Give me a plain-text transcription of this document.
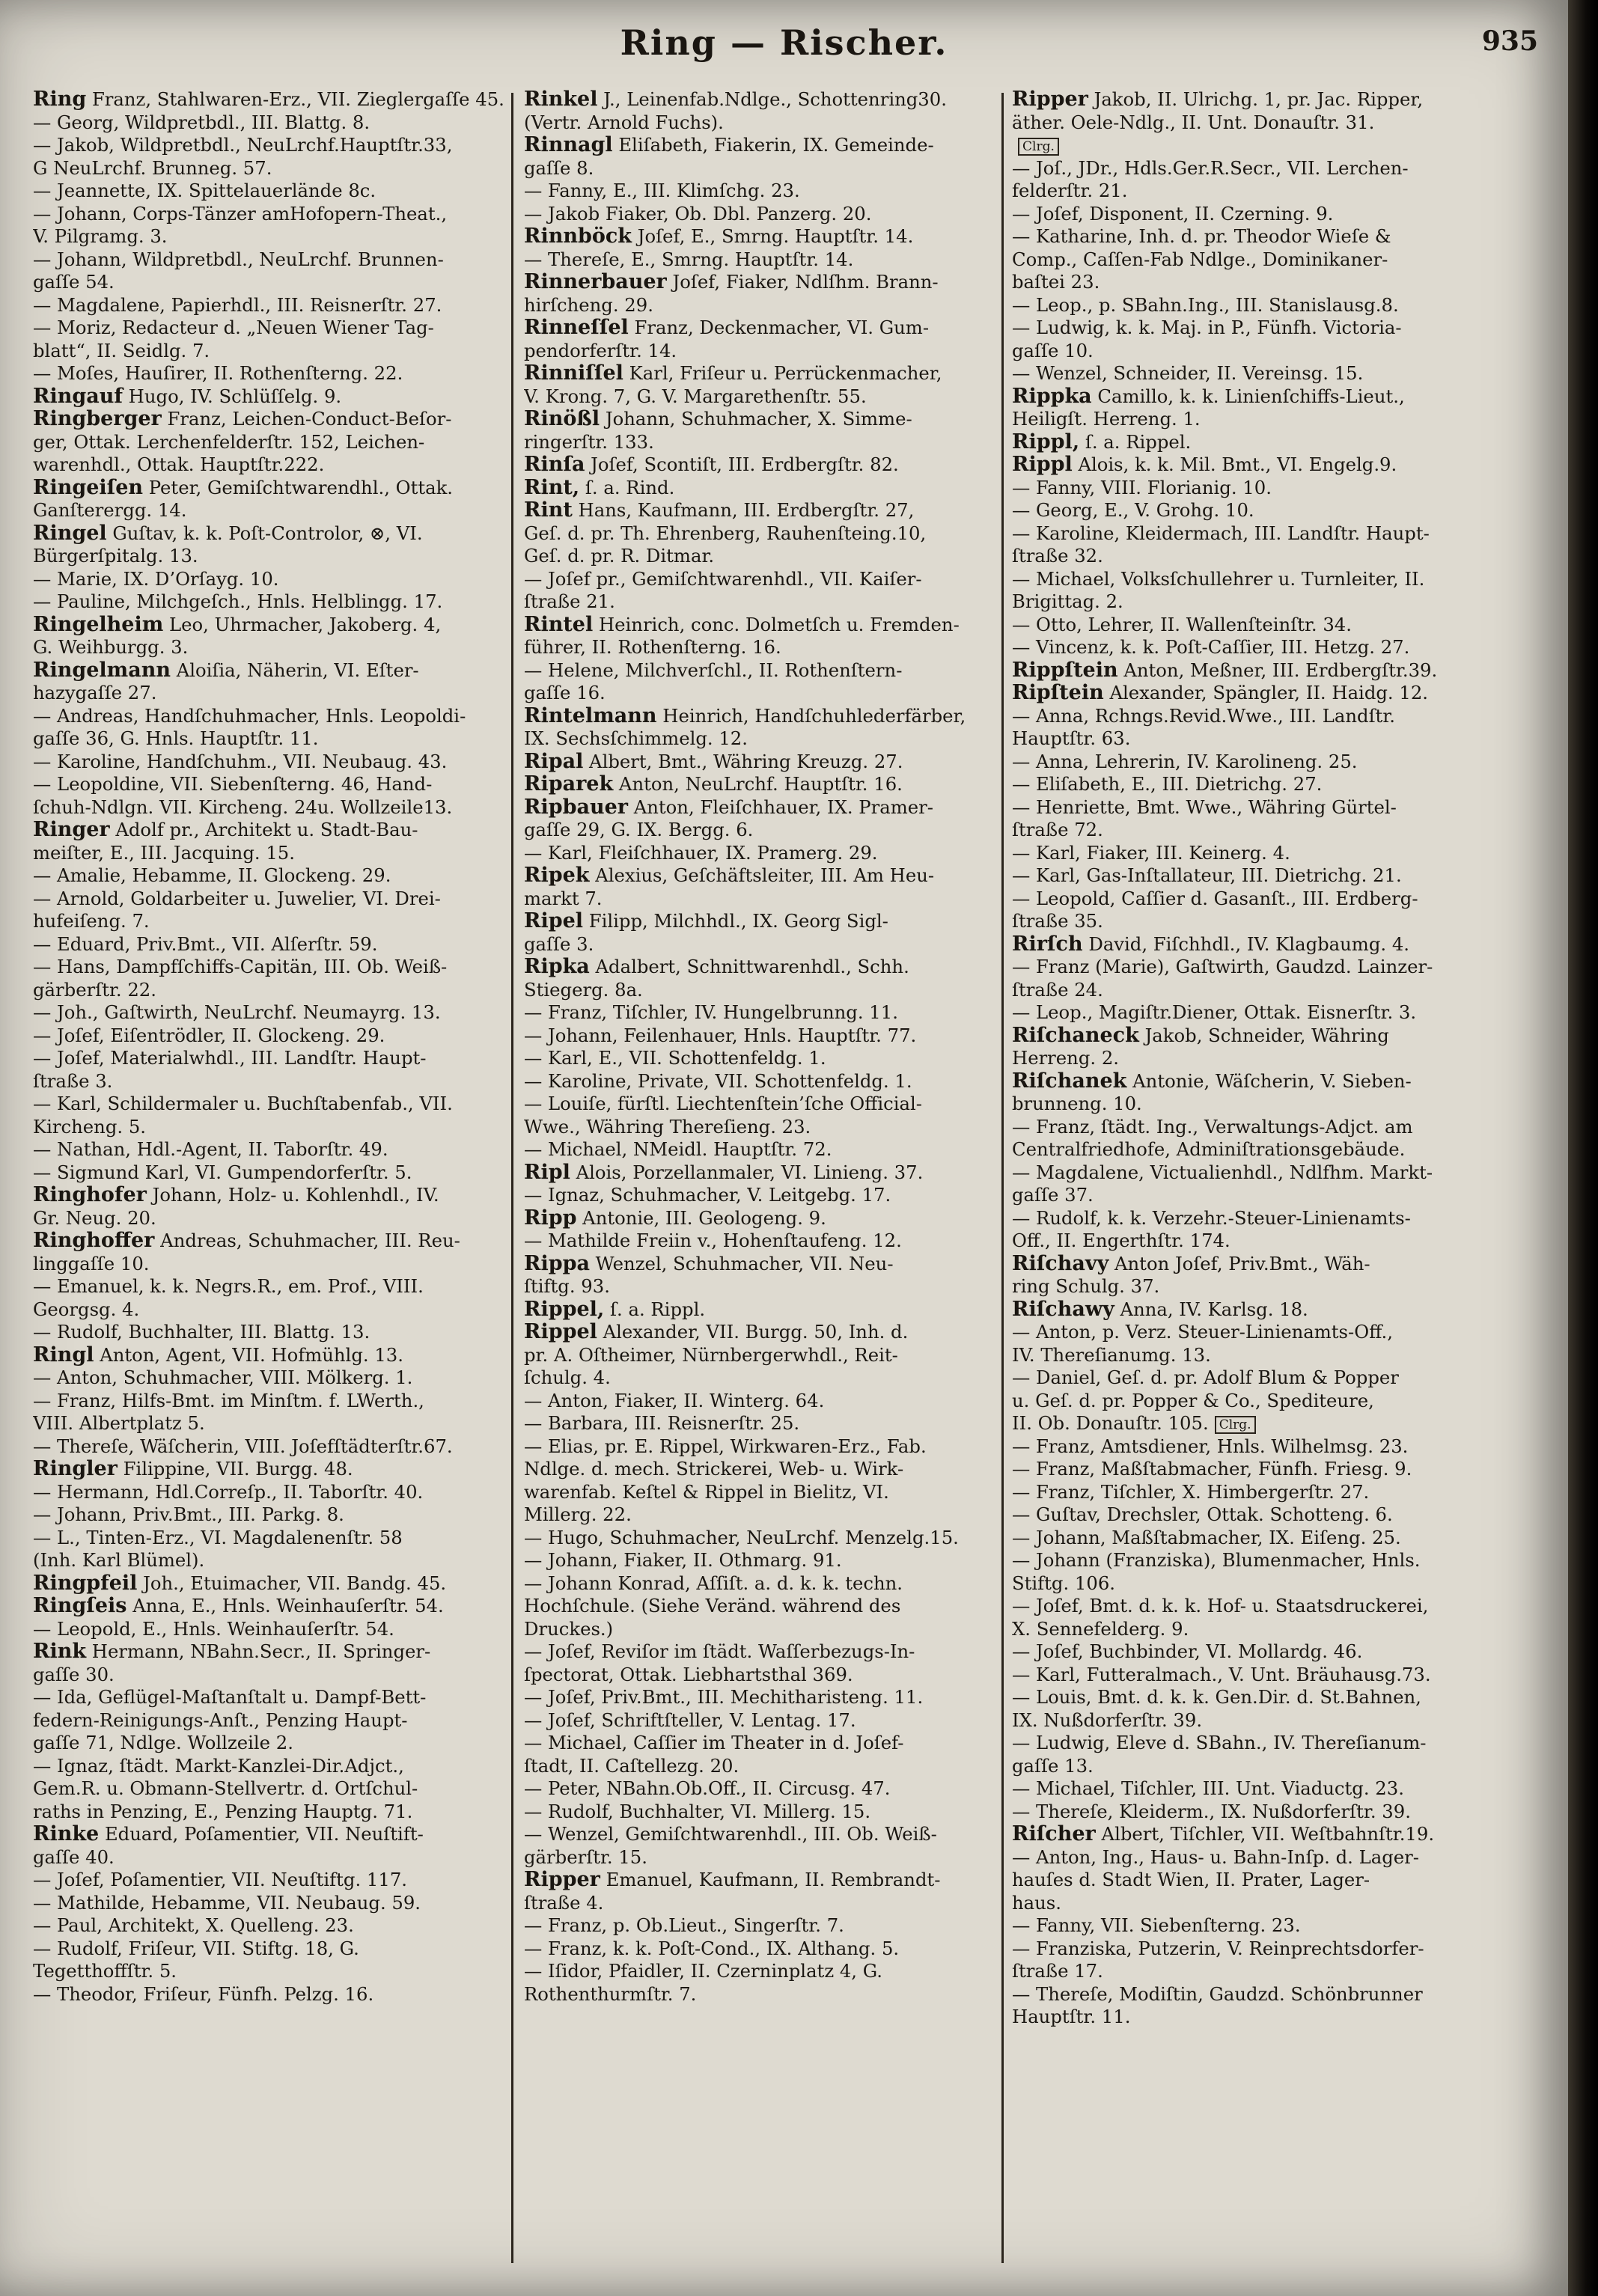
Ring — Rischer.	935
Ring Franz, Stahlwaren-Erz., VII. Zieglergaſſe 45.
— Georg, Wildpretbdl., III. Blattg. 8.
— Jakob, Wildpretbdl., NeuLrchf.Hauptſtr.33,
G NeuLrchf. Brunneg. 57.
— Jeannette, IX. Spittelauerlände 8c.
— Johann, Corps-Tänzer amHofopern-Theat.,
V. Pilgramg. 3.
— Johann, Wildpretbdl., NeuLrchf. Brunnen-
gaſſe 54.
— Magdalene, Papierhdl., III. Reisnerſtr. 27.
— Moriz, Redacteur d. „Neuen Wiener Tag-
blatt“, II. Seidlg. 7.
— Moſes, Hauſirer, II. Rothenſterng. 22.
Ringauf Hugo, IV. Schlüſſelg. 9.
Ringberger Franz, Leichen-Conduct-Beſor-
ger, Ottak. Lerchenfelderſtr. 152, Leichen-
warenhdl., Ottak. Hauptſtr.222.
Ringeiſen Peter, Gemiſchtwarendhl., Ottak.
Ganſterergg. 14.
Ringel Guſtav, k. k. Poſt-Controlor, ⊗, VI.
Bürgerſpitalg. 13.
— Marie, IX. D’Orſayg. 10.
— Pauline, Milchgeſch., Hnls. Helblingg. 17.
Ringelheim Leo, Uhrmacher, Jakoberg. 4,
G. Weihburgg. 3.
Ringelmann Aloiſia, Näherin, VI. Eſter-
hazygaſſe 27.
— Andreas, Handſchuhmacher, Hnls. Leopoldi-
gaſſe 36, G. Hnls. Hauptſtr. 11.
— Karoline, Handſchuhm., VII. Neubaug. 43.
— Leopoldine, VII. Siebenſterng. 46, Hand-
ſchuh-Ndlgn. VII. Kircheng. 24u. Wollzeile13.
Ringer Adolf pr., Architekt u. Stadt-Bau-
meiſter, E., III. Jacquing. 15.
— Amalie, Hebamme, II. Glockeng. 29.
— Arnold, Goldarbeiter u. Juwelier, VI. Drei-
hufeiſeng. 7.
— Eduard, Priv.Bmt., VII. Alſerſtr. 59.
— Hans, Dampfſchiffs-Capitän, III. Ob. Weiß-
gärberſtr. 22.
— Joh., Gaſtwirth, NeuLrchf. Neumayrg. 13.
— Joſef, Eiſentrödler, II. Glockeng. 29.
— Joſef, Materialwhdl., III. Landſtr. Haupt-
ſtraße 3.
— Karl, Schildermaler u. Buchſtabenfab., VII.
Kircheng. 5.
— Nathan, Hdl.-Agent, II. Taborſtr. 49.
— Sigmund Karl, VI. Gumpendorferſtr. 5.
Ringhofer Johann, Holz- u. Kohlenhdl., IV.
Gr. Neug. 20.
Ringhoffer Andreas, Schuhmacher, III. Reu-
linggaſſe 10.
— Emanuel, k. k. Negrs.R., em. Prof., VIII.
Georgsg. 4.
— Rudolf, Buchhalter, III. Blattg. 13.
Ringl Anton, Agent, VII. Hofmühlg. 13.
— Anton, Schuhmacher, VIII. Mölkerg. 1.
— Franz, Hilfs-Bmt. im Minſtm. f. LWerth.,
VIII. Albertplatz 5.
— Thereſe, Wäſcherin, VIII. Joſefſtädterſtr.67.
Ringler Filippine, VII. Burgg. 48.
— Hermann, Hdl.Correſp., II. Taborſtr. 40.
— Johann, Priv.Bmt., III. Parkg. 8.
— L., Tinten-Erz., VI. Magdalenenſtr. 58
(Inh. Karl Blümel).
Ringpfeil Joh., Etuimacher, VII. Bandg. 45.
Ringſeis Anna, E., Hnls. Weinhauſerſtr. 54.
— Leopold, E., Hnls. Weinhauſerſtr. 54.
Rink Hermann, NBahn.Secr., II. Springer-
gaſſe 30.
— Ida, Geflügel-Maſtanſtalt u. Dampf-Bett-
federn-Reinigungs-Anſt., Penzing Haupt-
gaſſe 71, Ndlge. Wollzeile 2.
— Ignaz, ſtädt. Markt-Kanzlei-Dir.Adjct.,
Gem.R. u. Obmann-Stellvertr. d. Ortſchul-
raths in Penzing, E., Penzing Hauptg. 71.
Rinke Eduard, Poſamentier, VII. Neuſtift-
gaſſe 40.
— Joſef, Poſamentier, VII. Neuſtiftg. 117.
— Mathilde, Hebamme, VII. Neubaug. 59.
— Paul, Architekt, X. Quelleng. 23.
— Rudolf, Friſeur, VII. Stiftg. 18, G.
Tegetthoffſtr. 5.
— Theodor, Friſeur, Fünfh. Pelzg. 16.
Rinkel J., Leinenfab.Ndlge., Schottenring30.
(Vertr. Arnold Fuchs).
Rinnagl Eliſabeth, Fiakerin, IX. Gemeinde-
gaſſe 8.
— Fanny, E., III. Klimſchg. 23.
— Jakob Fiaker, Ob. Dbl. Panzerg. 20.
Rinnböck Joſef, E., Smrng. Hauptſtr. 14.
— Thereſe, E., Smrng. Hauptſtr. 14.
Rinnerbauer Joſef, Fiaker, Ndlſhm. Brann-
hirſcheng. 29.
Rinneſſel Franz, Deckenmacher, VI. Gum-
pendorferſtr. 14.
Rinniſſel Karl, Friſeur u. Perrückenmacher,
V. Krong. 7, G. V. Margarethenſtr. 55.
Rinößl Johann, Schuhmacher, X. Simme-
ringerſtr. 133.
Rinſa Joſef, Scontiſt, III. Erdbergſtr. 82.
Rint, ſ. a. Rind.
Rint Hans, Kaufmann, III. Erdbergſtr. 27,
Geſ. d. pr. Th. Ehrenberg, Rauhenſteing.10,
Geſ. d. pr. R. Ditmar.
— Joſef pr., Gemiſchtwarenhdl., VII. Kaiſer-
ſtraße 21.
Rintel Heinrich, conc. Dolmetſch u. Fremden-
führer, II. Rothenſterng. 16.
— Helene, Milchverſchl., II. Rothenſtern-
gaſſe 16.
Rintelmann Heinrich, Handſchuhlederfärber,
IX. Sechsſchimmelg. 12.
Ripal Albert, Bmt., Währing Kreuzg. 27.
Riparek Anton, NeuLrchf. Hauptſtr. 16.
Ripbauer Anton, Fleiſchhauer, IX. Pramer-
gaſſe 29, G. IX. Bergg. 6.
— Karl, Fleiſchhauer, IX. Pramerg. 29.
Ripek Alexius, Geſchäftsleiter, III. Am Heu-
markt 7.
Ripel Filipp, Milchhdl., IX. Georg Sigl-
gaſſe 3.
Ripka Adalbert, Schnittwarenhdl., Schh.
Stiegerg. 8a.
— Franz, Tiſchler, IV. Hungelbrunng. 11.
— Johann, Feilenhauer, Hnls. Hauptſtr. 77.
— Karl, E., VII. Schottenfeldg. 1.
— Karoline, Private, VII. Schottenfeldg. 1.
— Louiſe, fürſtl. Liechtenſtein’ſche Official-
Wwe., Währing Thereſieng. 23.
— Michael, NMeidl. Hauptſtr. 72.
Ripl Alois, Porzellanmaler, VI. Linieng. 37.
— Ignaz, Schuhmacher, V. Leitgebg. 17.
Ripp Antonie, III. Geologeng. 9.
— Mathilde Freiin v., Hohenſtaufeng. 12.
Rippa Wenzel, Schuhmacher, VII. Neu-
ſtiftg. 93.
Rippel, ſ. a. Rippl.
Rippel Alexander, VII. Burgg. 50, Inh. d.
pr. A. Oſtheimer, Nürnbergerwhdl., Reit-
ſchulg. 4.
— Anton, Fiaker, II. Winterg. 64.
— Barbara, III. Reisnerſtr. 25.
— Elias, pr. E. Rippel, Wirkwaren-Erz., Fab.
Ndlge. d. mech. Strickerei, Web- u. Wirk-
warenfab. Keſtel & Rippel in Bielitz, VI.
Millerg. 22.
— Hugo, Schuhmacher, NeuLrchf. Menzelg.15.
— Johann, Fiaker, II. Othmarg. 91.
— Johann Konrad, Aſſiſt. a. d. k. k. techn.
Hochſchule. (Siehe Veränd. während des
Druckes.)
— Joſef, Reviſor im ſtädt. Waſſerbezugs-In-
ſpectorat, Ottak. Liebhartsthal 369.
— Joſef, Priv.Bmt., III. Mechitharisteng. 11.
— Joſef, Schriftſteller, V. Lentag. 17.
— Michael, Caſſier im Theater in d. Joſef-
ſtadt, II. Caſtellezg. 20.
— Peter, NBahn.Ob.Off., II. Circusg. 47.
— Rudolf, Buchhalter, VI. Millerg. 15.
— Wenzel, Gemiſchtwarenhdl., III. Ob. Weiß-
gärberſtr. 15.
Ripper Emanuel, Kaufmann, II. Rembrandt-
ſtraße 4.
— Franz, p. Ob.Lieut., Singerſtr. 7.
— Franz, k. k. Poſt-Cond., IX. Althang. 5.
— Iſidor, Pfaidler, II. Czerninplatz 4, G.
Rothenthurmſtr. 7.
Ripper Jakob, II. Ulrichg. 1, pr. Jac. Ripper,
äther. Oele-Ndlg., II. Unt. Donauſtr. 31.
Clrg.
— Joſ., JDr., Hdls.Ger.R.Secr., VII. Lerchen-
felderſtr. 21.
— Joſef, Disponent, II. Czerning. 9.
— Katharine, Inh. d. pr. Theodor Wieſe &
Comp., Caſſen-Fab Ndlge., Dominikaner-
baſtei 23.
— Leop., p. SBahn.Ing., III. Stanislausg.8.
— Ludwig, k. k. Maj. in P., Fünfh. Victoria-
gaſſe 10.
— Wenzel, Schneider, II. Vereinsg. 15.
Rippka Camillo, k. k. Linienſchiffs-Lieut.,
Heiligſt. Herreng. 1.
Rippl, ſ. a. Rippel.
Rippl Alois, k. k. Mil. Bmt., VI. Engelg.9.
— Fanny, VIII. Florianig. 10.
— Georg, E., V. Grohg. 10.
— Karoline, Kleidermach, III. Landſtr. Haupt-
ſtraße 32.
— Michael, Volksſchullehrer u. Turnleiter, II.
Brigittag. 2.
— Otto, Lehrer, II. Wallenſteinſtr. 34.
— Vincenz, k. k. Poſt-Caſſier, III. Hetzg. 27.
Rippſtein Anton, Meßner, III. Erdbergſtr.39.
Ripſtein Alexander, Spängler, II. Haidg. 12.
— Anna, Rchngs.Revid.Wwe., III. Landſtr.
Hauptſtr. 63.
— Anna, Lehrerin, IV. Karolineng. 25.
— Eliſabeth, E., III. Dietrichg. 27.
— Henriette, Bmt. Wwe., Währing Gürtel-
ſtraße 72.
— Karl, Fiaker, III. Keinerg. 4.
— Karl, Gas-Inſtallateur, III. Dietrichg. 21.
— Leopold, Caſſier d. Gasanſt., III. Erdberg-
ſtraße 35.
Rirſch David, Fiſchhdl., IV. Klagbaumg. 4.
— Franz (Marie), Gaſtwirth, Gaudzd. Lainzer-
ſtraße 24.
— Leop., Magiſtr.Diener, Ottak. Eisnerſtr. 3.
Riſchaneck Jakob, Schneider, Währing
Herreng. 2.
Riſchanek Antonie, Wäſcherin, V. Sieben-
brunneng. 10.
— Franz, ſtädt. Ing., Verwaltungs-Adjct. am
Centralfriedhofe, Adminiſtrationsgebäude.
— Magdalene, Victualienhdl., Ndlfhm. Markt-
gaſſe 37.
— Rudolf, k. k. Verzehr.-Steuer-Linienamts-
Off., II. Engerthſtr. 174.
Riſchavy Anton Joſef, Priv.Bmt., Wäh-
ring Schulg. 37.
Riſchawy Anna, IV. Karlsg. 18.
— Anton, p. Verz. Steuer-Linienamts-Off.,
IV. Thereſianumg. 13.
— Daniel, Geſ. d. pr. Adolf Blum & Popper
u. Geſ. d. pr. Popper & Co., Spediteure,
II. Ob. Donauſtr. 105. Clrg.
— Franz, Amtsdiener, Hnls. Wilhelmsg. 23.
— Franz, Maßſtabmacher, Fünfh. Friesg. 9.
— Franz, Tiſchler, X. Himbergerſtr. 27.
— Guſtav, Drechsler, Ottak. Schotteng. 6.
— Johann, Maßſtabmacher, IX. Eiſeng. 25.
— Johann (Franziska), Blumenmacher, Hnls.
Stiftg. 106.
— Joſef, Bmt. d. k. k. Hof- u. Staatsdruckerei,
X. Sennefelderg. 9.
— Joſef, Buchbinder, VI. Mollardg. 46.
— Karl, Futteralmach., V. Unt. Bräuhausg.73.
— Louis, Bmt. d. k. k. Gen.Dir. d. St.Bahnen,
IX. Nußdorferſtr. 39.
— Ludwig, Eleve d. SBahn., IV. Thereſianum-
gaſſe 13.
— Michael, Tiſchler, III. Unt. Viaductg. 23.
— Thereſe, Kleiderm., IX. Nußdorferſtr. 39.
Riſcher Albert, Tiſchler, VII. Weſtbahnſtr.19.
— Anton, Ing., Haus- u. Bahn-Inſp. d. Lager-
hauſes d. Stadt Wien, II. Prater, Lager-
haus.
— Fanny, VII. Siebenſterng. 23.
— Franziska, Putzerin, V. Reinprechtsdorfer-
ſtraße 17.
— Thereſe, Modiſtin, Gaudzd. Schönbrunner
Hauptſtr. 11.
